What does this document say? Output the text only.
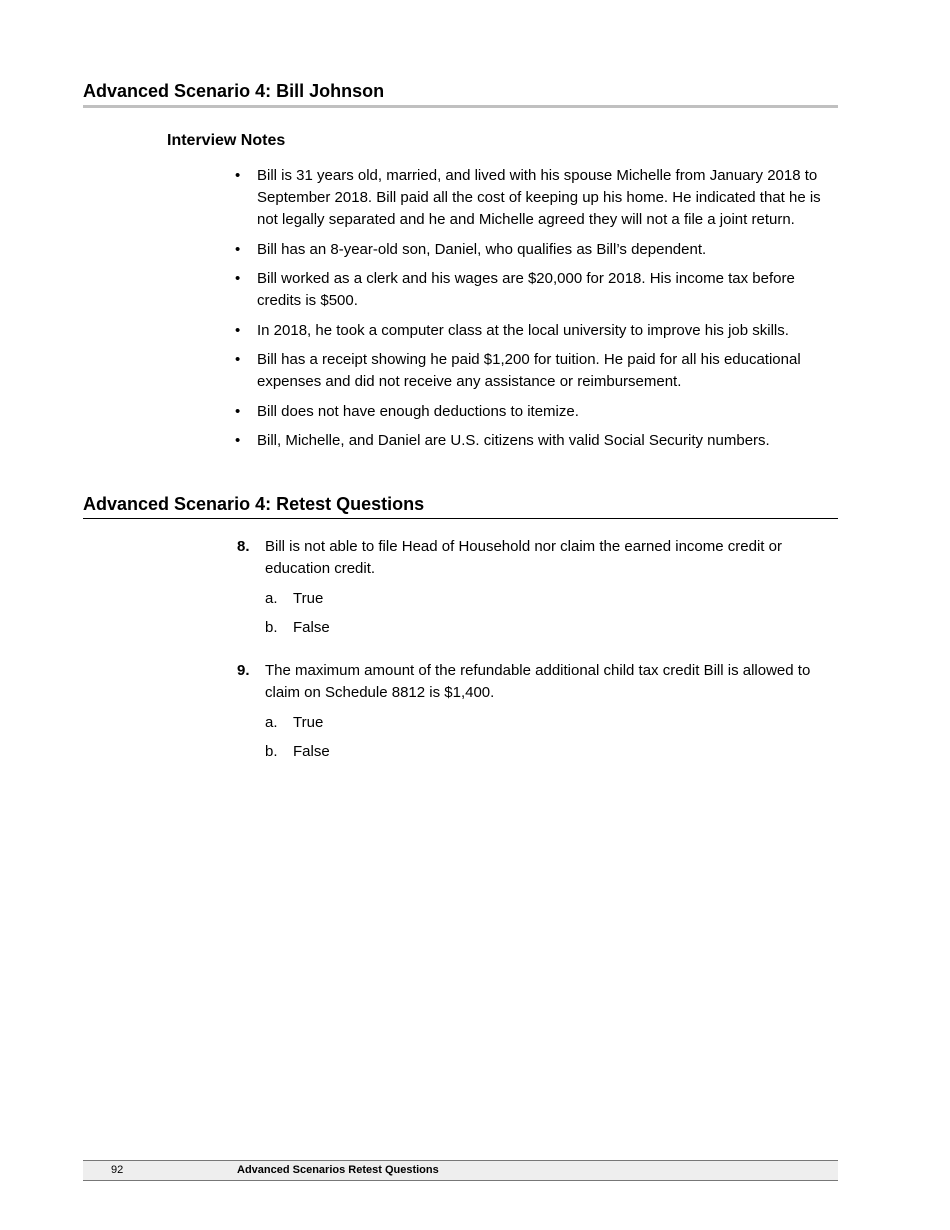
Advanced Scenario 4: Bill Johnson
Interview Notes
• Bill is 31 years old, married, and lived with his spouse Michelle from January 2018 to September 2018. Bill paid all the cost of keeping up his home. He indicated that he is not legally separated and he and Michelle agreed they will not a file a joint return.
• Bill has an 8-year-old son, Daniel, who qualifies as Bill’s dependent.
• Bill worked as a clerk and his wages are $20,000 for 2018. His income tax before credits is $500.
• In 2018, he took a computer class at the local university to improve his job skills.
• Bill has a receipt showing he paid $1,200 for tuition. He paid for all his educational expenses and did not receive any assistance or reimbursement.
• Bill does not have enough deductions to itemize.
• Bill, Michelle, and Daniel are U.S. citizens with valid Social Security numbers.
Advanced Scenario 4: Retest Questions
8. Bill is not able to file Head of Household nor claim the earned income credit or education credit.
a. True
b. False
9. The maximum amount of the refundable additional child tax credit Bill is allowed to claim on Schedule 8812 is $1,400.
a. True
b. False
92	Advanced Scenarios Retest Questions
